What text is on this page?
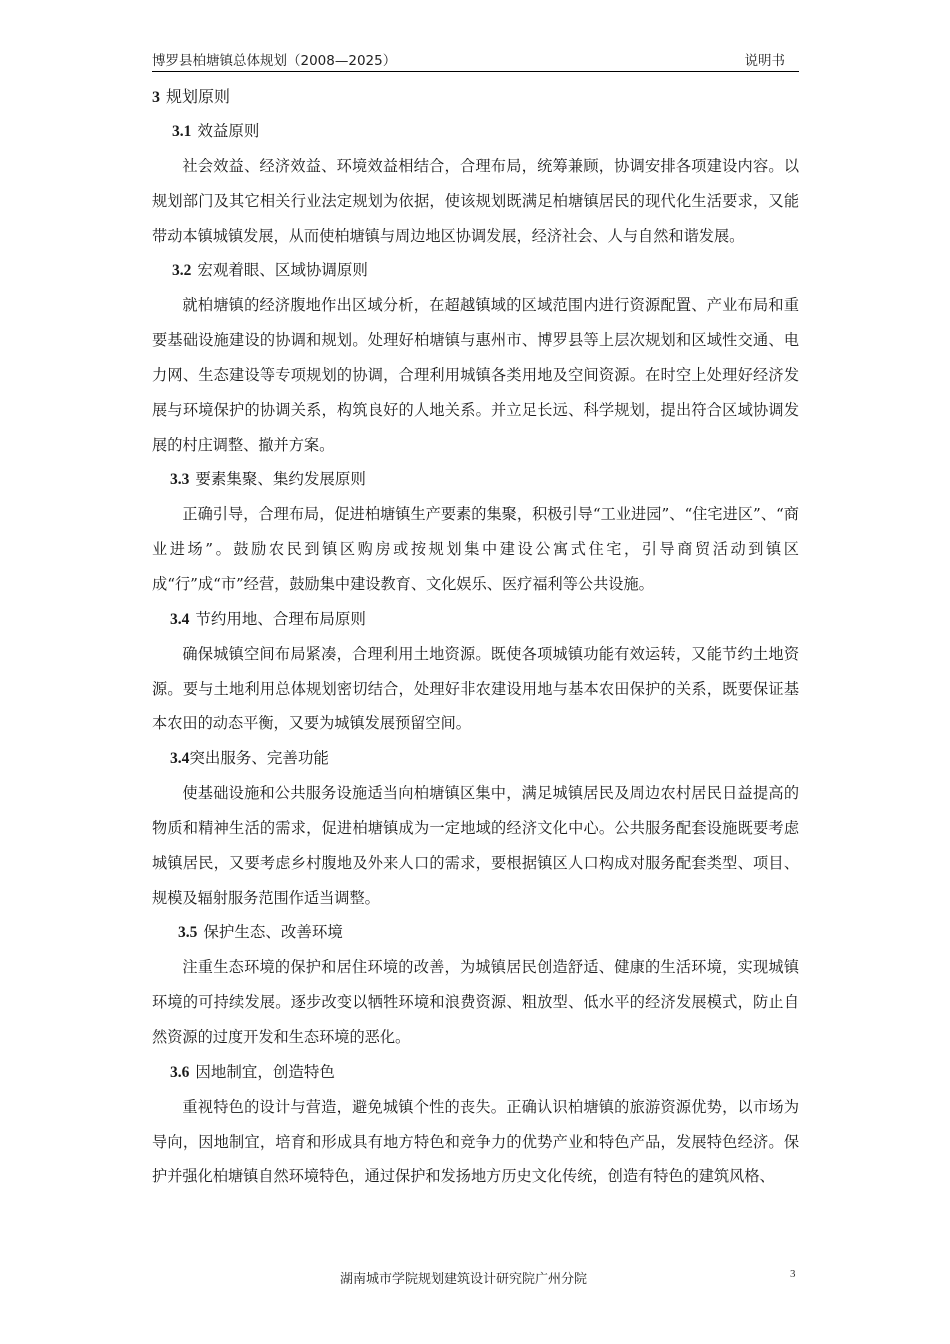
博罗县柏塘镇总体规划（2008—2025）	说明书
3 规划原则
3.1 效益原则

社会效益、经济效益、环境效益相结合，合理布局，统筹兼顾，协调安排各项建设内容。以规划部门及其它相关行业法定规划为依据，使该规划既满足柏塘镇居民的现代化生活要求，又能带动本镇城镇发展，从而使柏塘镇与周边地区协调发展，经济社会、人与自然和谐发展。

3.2 宏观着眼、区域协调原则

就柏塘镇的经济腹地作出区域分析，在超越镇域的区域范围内进行资源配置、产业布局和重要基础设施建设的协调和规划。处理好柏塘镇与惠州市、博罗县等上层次规划和区域性交通、电力网、生态建设等专项规划的协调，合理利用城镇各类用地及空间资源。在时空上处理好经济发展与环境保护的协调关系，构筑良好的人地关系。并立足长远、科学规划，提出符合区域协调发展的村庄调整、撤并方案。

3.3 要素集聚、集约发展原则

正确引导，合理布局，促进柏塘镇生产要素的集聚，积极引导“工业进园”、“住宅进区”、“商业进场”。鼓励农民到镇区购房或按规划集中建设公寓式住宅，引导商贸活动到镇区成“行”成“市”经营，鼓励集中建设教育、文化娱乐、医疗福利等公共设施。

3.4 节约用地、合理布局原则

确保城镇空间布局紧凑，合理利用土地资源。既使各项城镇功能有效运转，又能节约土地资源。要与土地利用总体规划密切结合，处理好非农建设用地与基本农田保护的关系，既要保证基本农田的动态平衡，又要为城镇发展预留空间。

3.4突出服务、完善功能

使基础设施和公共服务设施适当向柏塘镇区集中，满足城镇居民及周边农村居民日益提高的物质和精神生活的需求，促进柏塘镇成为一定地域的经济文化中心。公共服务配套设施既要考虑城镇居民，又要考虑乡村腹地及外来人口的需求，要根据镇区人口构成对服务配套类型、项目、规模及辐射服务范围作适当调整。

3.5 保护生态、改善环境

注重生态环境的保护和居住环境的改善，为城镇居民创造舒适、健康的生活环境，实现城镇环境的可持续发展。逐步改变以牺牲环境和浪费资源、粗放型、低水平的经济发展模式，防止自然资源的过度开发和生态环境的恶化。

3.6 因地制宜，创造特色

重视特色的设计与营造，避免城镇个性的丧失。正确认识柏塘镇的旅游资源优势，以市场为导向，因地制宜，培育和形成具有地方特色和竞争力的优势产业和特色产品，发展特色经济。保护并强化柏塘镇自然环境特色，通过保护和发扬地方历史文化传统，创造有特色的建筑风格、

湖南城市学院规划建筑设计研究院广州分院	3
